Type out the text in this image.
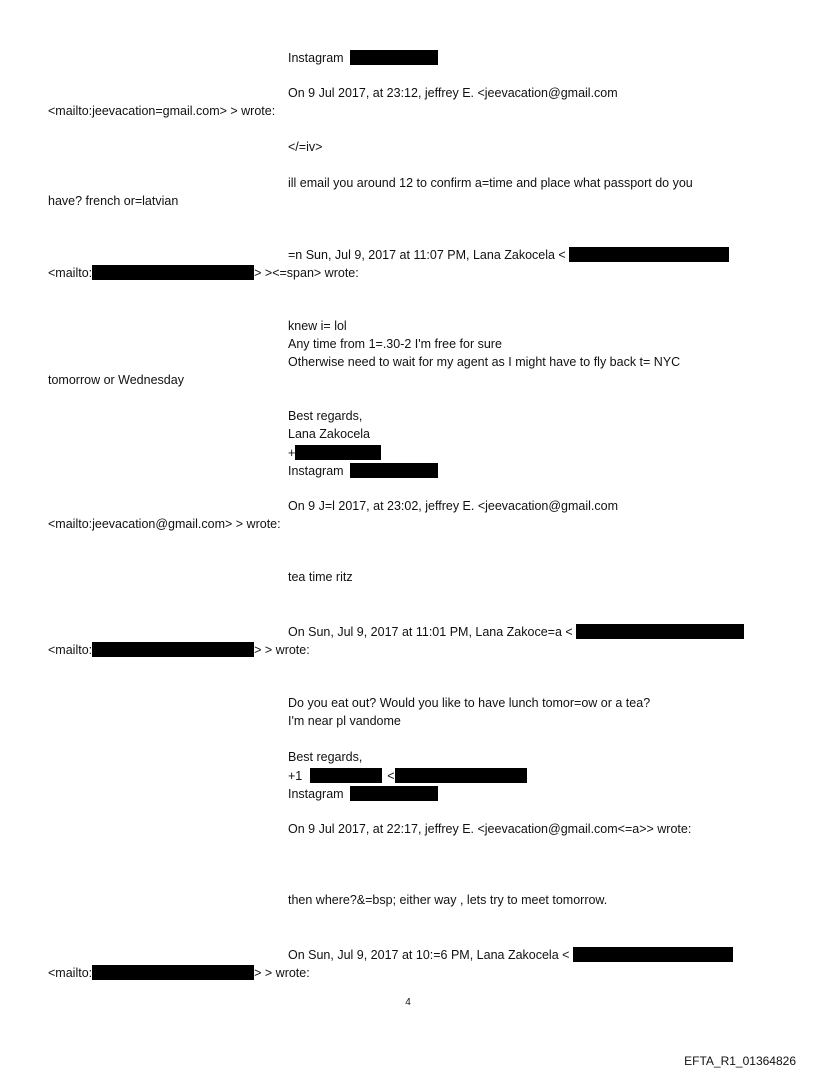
Instagram
On 9 Jul 2017, at 23:12, jeffrey E. <jeevacation@gmail.com
<mailto:jeevacation=gmail.com> > wrote:
</=iv>
ill email you around 12 to confirm a=time and place what passport do you
have? french or=latvian
=n Sun, Jul 9, 2017 at 11:07 PM, Lana Zakocela <
<mailto:	> ><=span> wrote:
knew i= lol
Any time from 1=.30-2 I'm free for sure
Otherwise need to wait for my agent as I might have to fly back t= NYC
tomorrow or Wednesday
Best regards,
Lana Zakocela
+
Instagram
On 9 J=l 2017, at 23:02, jeffrey E. <jeevacation@gmail.com
<mailto:jeevacation@gmail.com> > wrote:
tea time ritz
On Sun, Jul 9, 2017 at 11:01 PM, Lana Zakoce=a <
<mailto:	> > wrote:
Do you eat out? Would you like to have lunch tomor=ow or a tea?
I'm near pl vandome
Best regards,
+1	<
Instagram
On 9 Jul 2017, at 22:17, jeffrey E. <jeevacation@gmail.com<=a>> wrote:
then where?&=bsp; either way , lets try to meet tomorrow.
On Sun, Jul 9, 2017 at 10:=6 PM, Lana Zakocela <
<mailto:	> > wrote:
4
EFTA_R1_01364826
